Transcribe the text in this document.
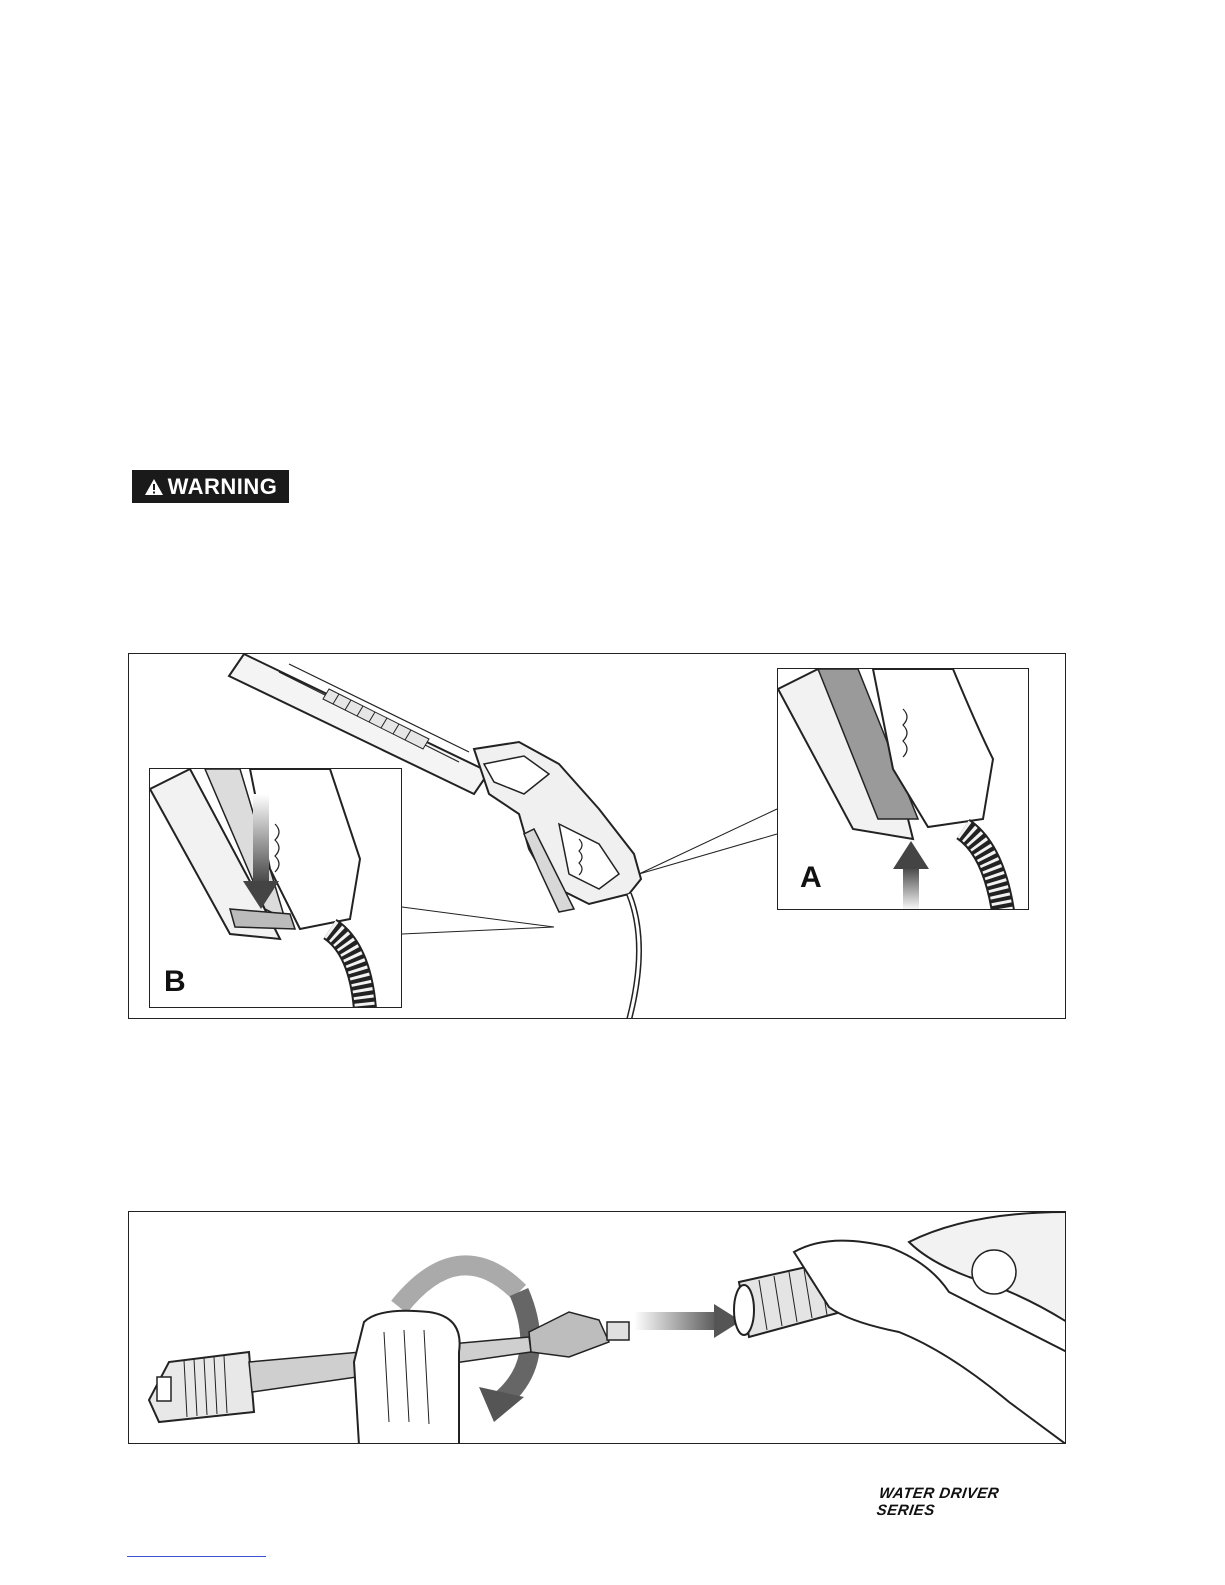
WARNING
B
A
WATER DRIVER SERIES
